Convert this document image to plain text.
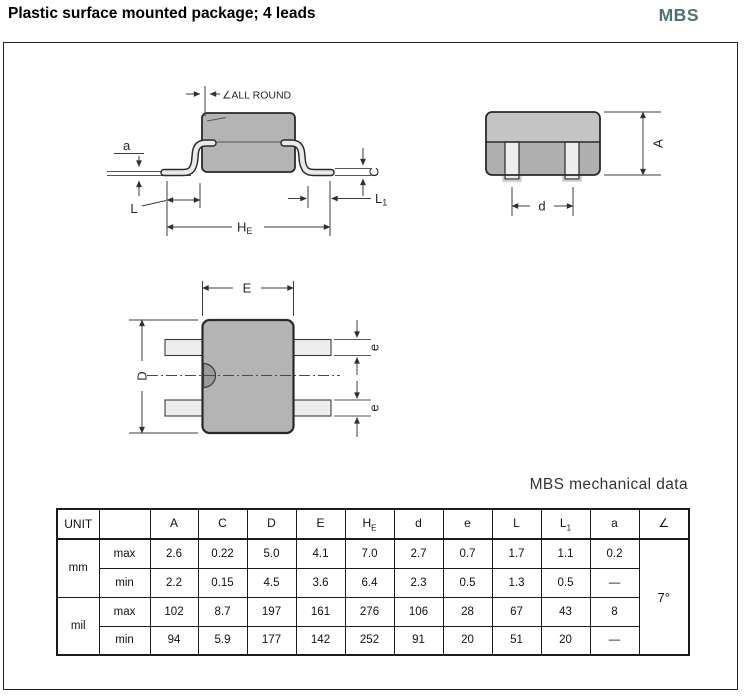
Plastic surface mounted package; 4 leads	MBS
∠ALL ROUND
a
L
HE
C
L1
A
d
E
D
e
e
MBS mechanical data
UNIT		A	C	D	E	$H_E$	d	e	L	$L_1$	a	∠
mm	max	2.6	0.22	5.0	4.1	7.0	2.7	0.7	1.7	1.1	0.2	7°
	min	2.2	0.15	4.5	3.6	6.4	2.3	0.5	1.3	0.5	—	
mil	max	102	8.7	197	161	276	106	28	67	43	8	
	min	94	5.9	177	142	252	91	20	51	20	—	
